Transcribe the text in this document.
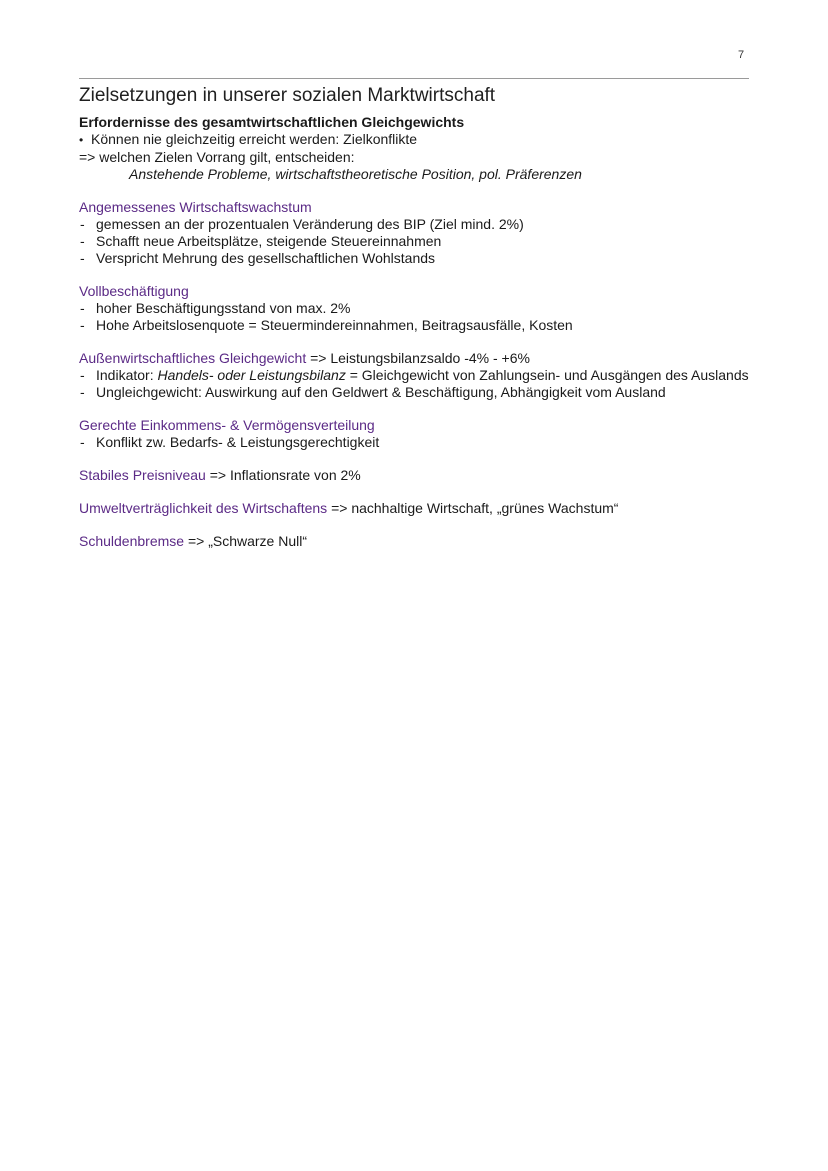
7
Zielsetzungen in unserer sozialen Marktwirtschaft

Erfordernisse des gesamtwirtschaftlichen Gleichgewichts

• Können nie gleichzeitig erreicht werden: Zielkonflikte

=> welchen Zielen Vorrang gilt, entscheiden:

Anstehende Probleme, wirtschaftstheoretische Position, pol. Präferenzen

Angemessenes Wirtschaftswachstum

- gemessen an der prozentualen Veränderung des BIP (Ziel mind. 2%)
- Schafft neue Arbeitsplätze, steigende Steuereinnahmen
- Verspricht Mehrung des gesellschaftlichen Wohlstands

Vollbeschäftigung

- hoher Beschäftigungsstand von max. 2%
- Hohe Arbeitslosenquote = Steuermindereinnahmen, Beitragsausfälle, Kosten

Außenwirtschaftliches Gleichgewicht => Leistungsbilanzsaldo -4% - +6%

- Indikator: Handels- oder Leistungsbilanz = Gleichgewicht von Zahlungsein- und Ausgängen des Auslands
- Ungleichgewicht: Auswirkung auf den Geldwert & Beschäftigung, Abhängigkeit vom Ausland

Gerechte Einkommens- & Vermögensverteilung

- Konflikt zw. Bedarfs- & Leistungsgerechtigkeit

Stabiles Preisniveau => Inflationsrate von 2%

Umweltverträglichkeit des Wirtschaftens => nachhaltige Wirtschaft, „grünes Wachstum“

Schuldenbremse => „Schwarze Null“
